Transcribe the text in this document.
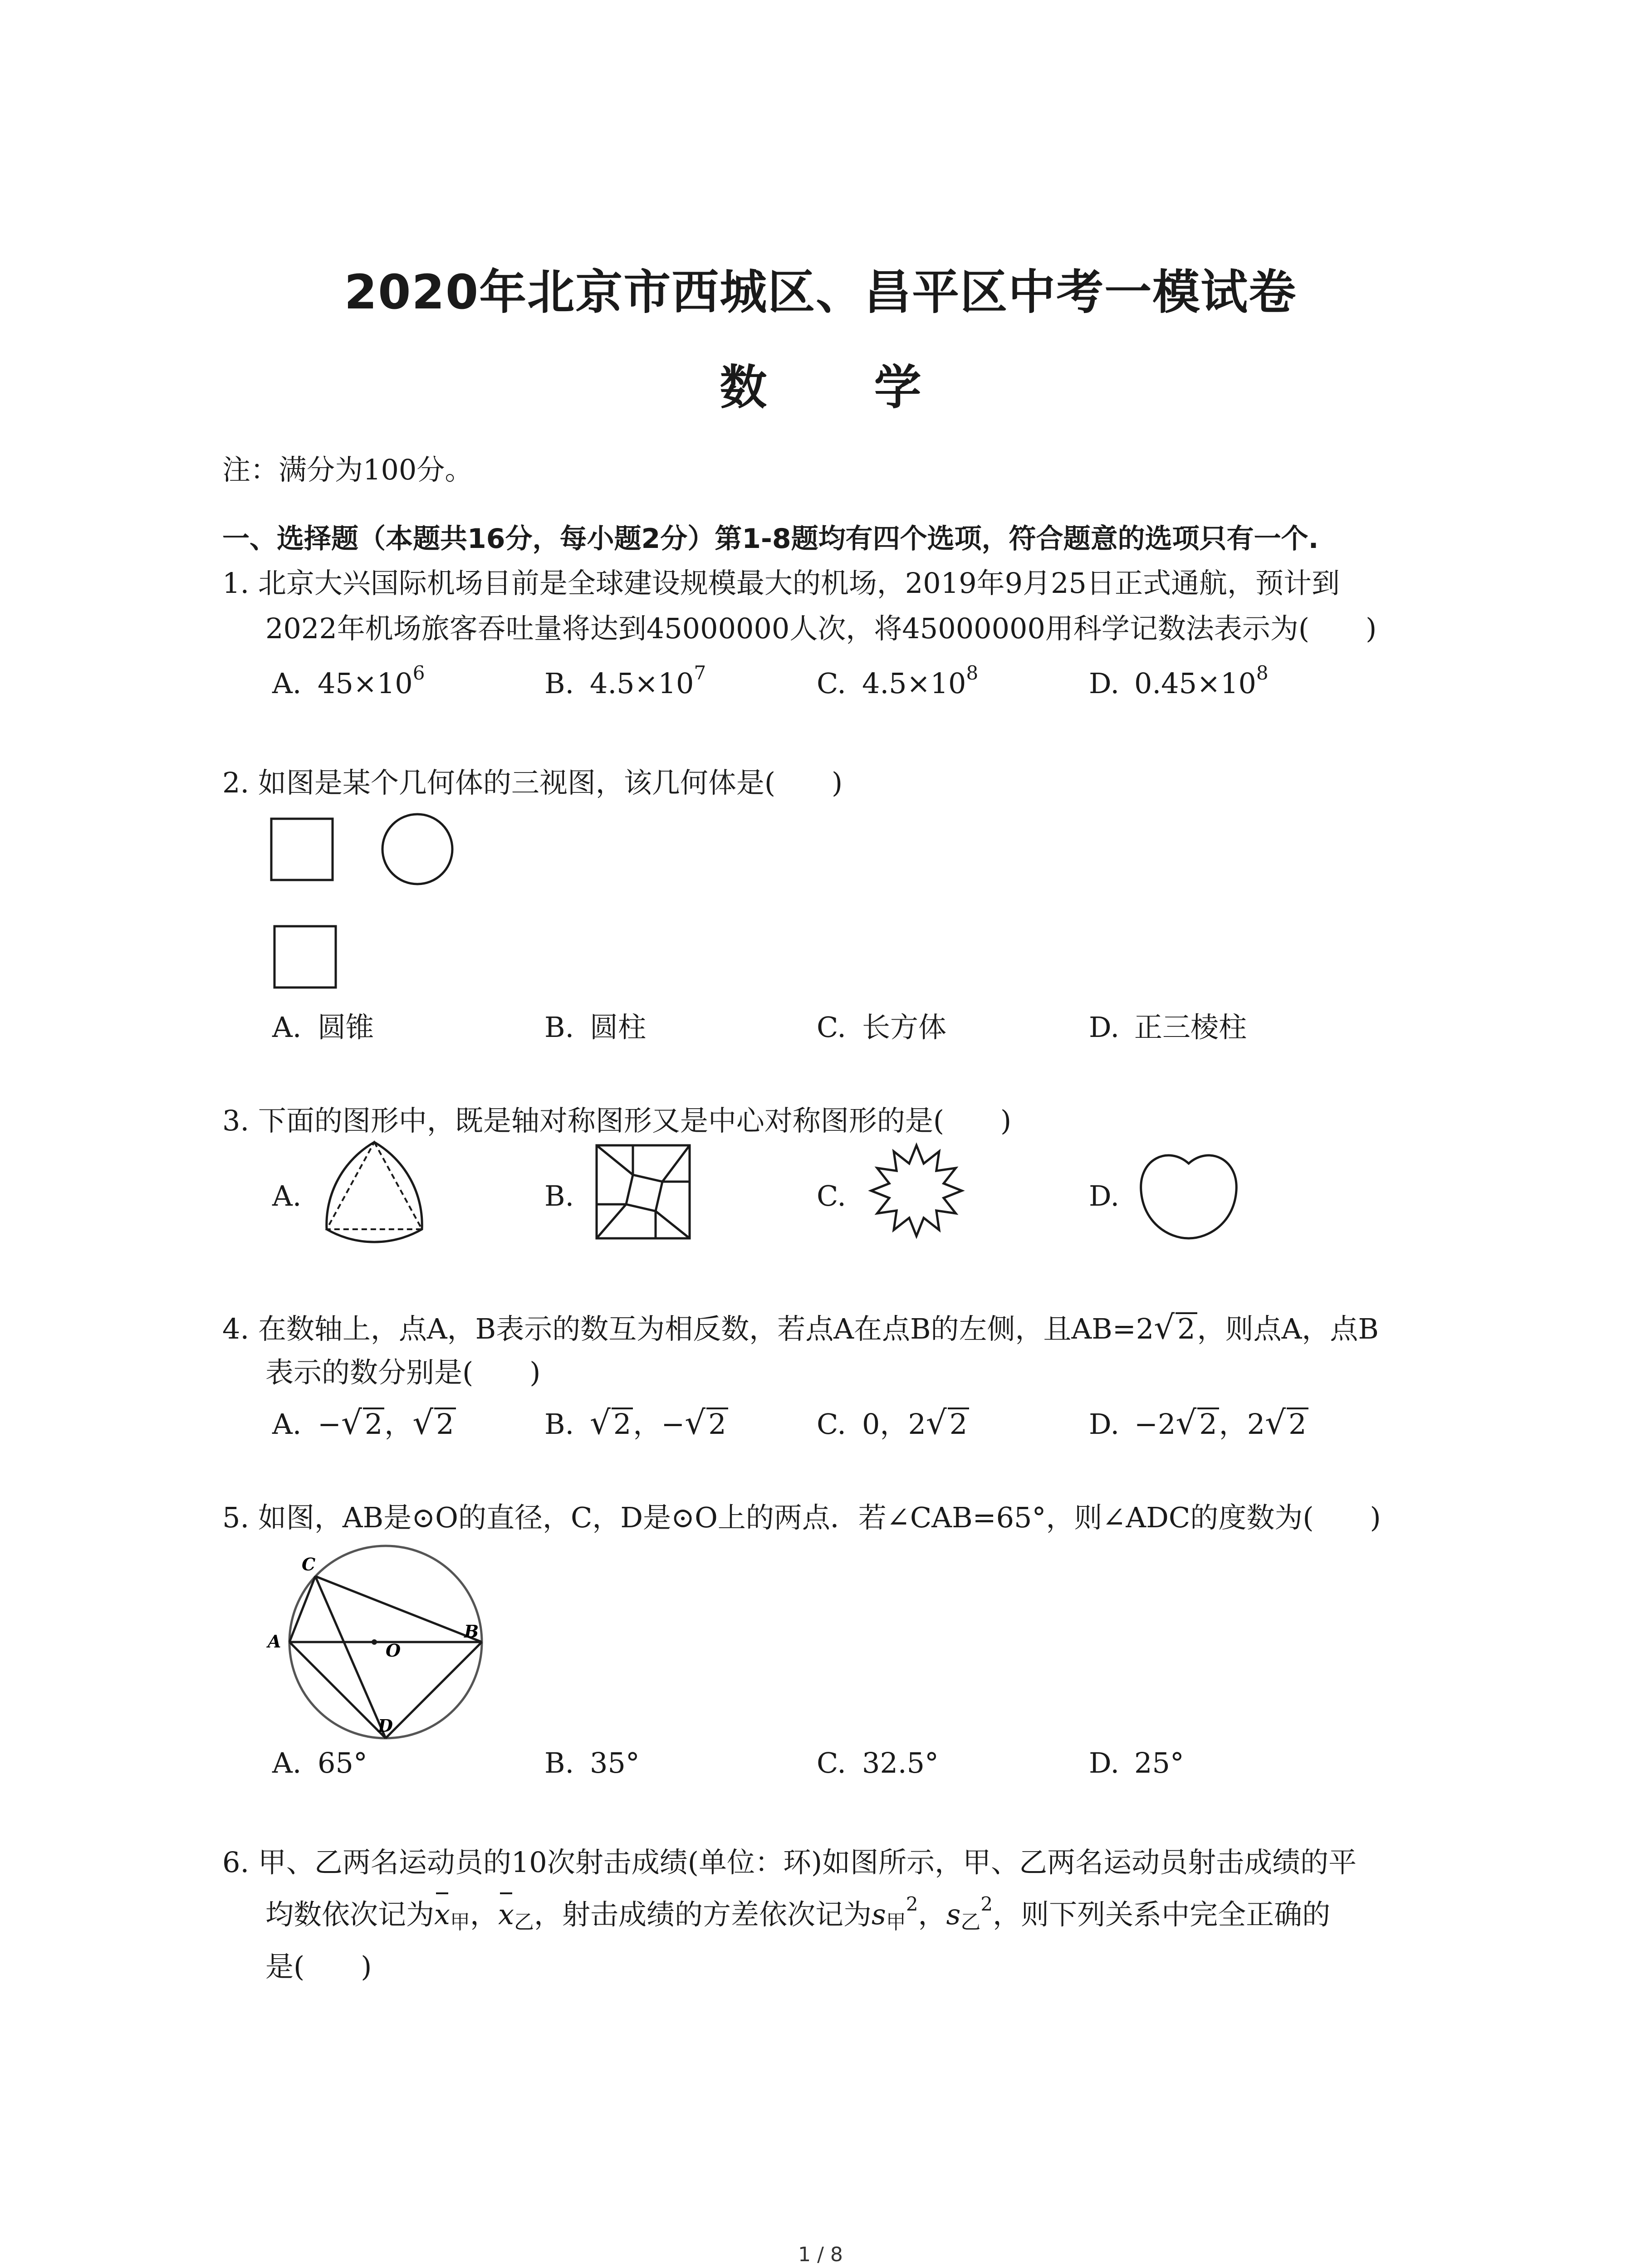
2020年北京市西城区、昌平区中考一模试卷
数 学
注：满分为100分。
一、选择题（本题共16分，每小题2分）第1-8题均有四个选项，符合题意的选项只有一个.
1. 北京大兴国际机场目前是全球建设规模最大的机场，2019年9月25日正式通航，预计到
2022年机场旅客吞吐量将达到45000000人次，将45000000用科学记数法表示为(　　)
A. $45\times 10^6$	B. $4.5\times 10^7$	C. $4.5\times 10^8$	D. $0.45\times 10^8$
2. 如图是某个几何体的三视图，该几何体是(　　)
A. 圆锥	B. 圆柱	C. 长方体	D. 正三棱柱
3. 下面的图形中，既是轴对称图形又是中心对称图形的是(　　)
A.	B.	C.	D.
4. 在数轴上，点A，B表示的数互为相反数，若点A在点B的左侧，且AB=2√2，则点A，点B
表示的数分别是(　　)
A. −√2，√2	B. √2，−√2	C. 0，2√2	D. −2√2，2√2
5. 如图，AB是⊙O的直径，C，D是⊙O上的两点．若∠CAB=65°，则∠ADC的度数为(　　)
C
A	O
B
D
A. 65°	B. 35°	C. 32.5°	D. 25°
6. 甲、乙两名运动员的10次射击成绩(单位：环)如图所示，甲、乙两名运动员射击成绩的平
均数依次记为$x_甲$，$x_乙$，射击成绩的方差依次记为$s_甲^2$，$s_乙^2$，则下列关系中完全正确的
是(　　)
1 / 8
